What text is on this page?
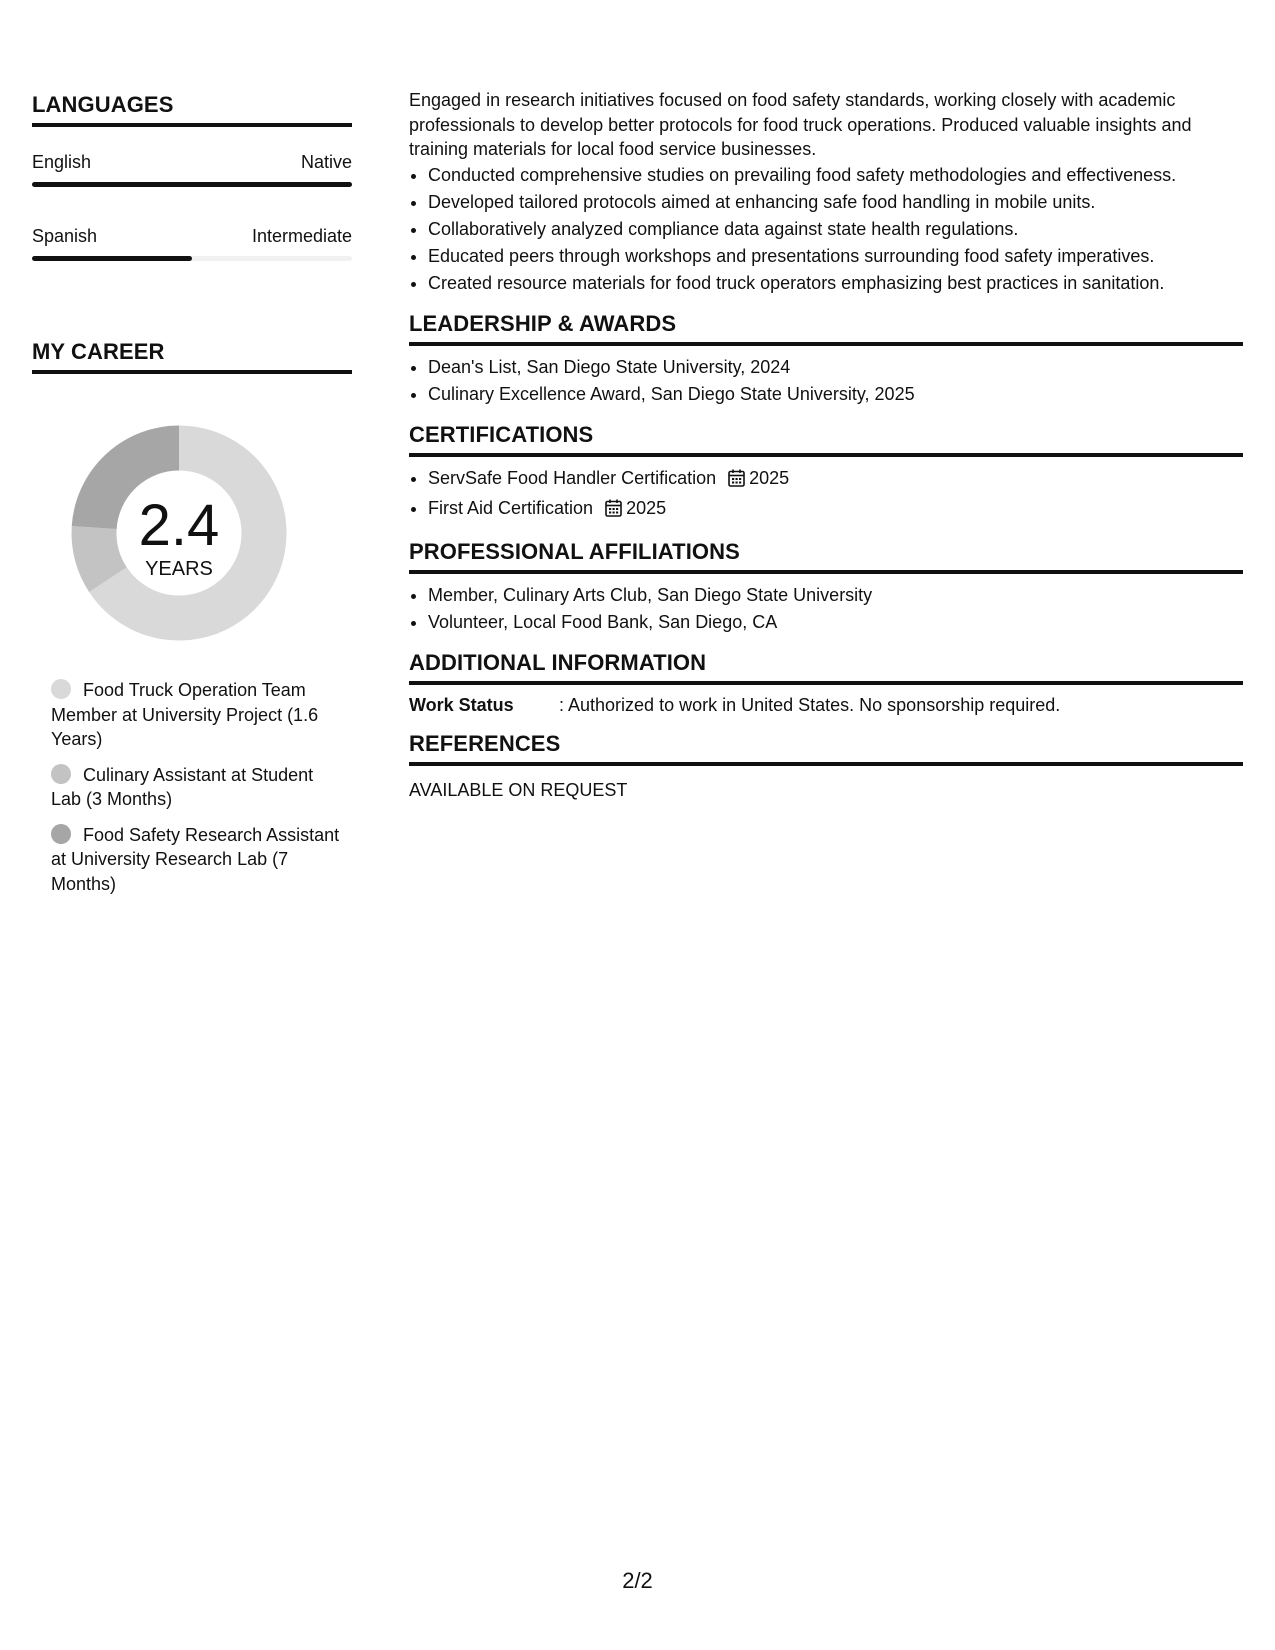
LANGUAGES
English	Native
Spanish	Intermediate
MY CAREER
2.4
YEARS
Food Truck Operation Team Member at University Project (1.6 Years)
Culinary Assistant at Student Lab (3 Months)
Food Safety Research Assistant at University Research Lab (7 Months)

Engaged in research initiatives focused on food safety standards, working closely with academic professionals to develop better protocols for food truck operations. Produced valuable insights and training materials for local food service businesses.

• Conducted comprehensive studies on prevailing food safety methodologies and effectiveness.
• Developed tailored protocols aimed at enhancing safe food handling in mobile units.
• Collaboratively analyzed compliance data against state health regulations.
• Educated peers through workshops and presentations surrounding food safety imperatives.
• Created resource materials for food truck operators emphasizing best practices in sanitation.
LEADERSHIP & AWARDS
• Dean's List, San Diego State University, 2024
• Culinary Excellence Award, San Diego State University, 2025
CERTIFICATIONS
• ServSafe Food Handler Certification 2025
• First Aid Certification 2025
PROFESSIONAL AFFILIATIONS
• Member, Culinary Arts Club, San Diego State University
• Volunteer, Local Food Bank, San Diego, CA
ADDITIONAL INFORMATION
Work Status	: Authorized to work in United States. No sponsorship required.
REFERENCES
AVAILABLE ON REQUEST
2/2
